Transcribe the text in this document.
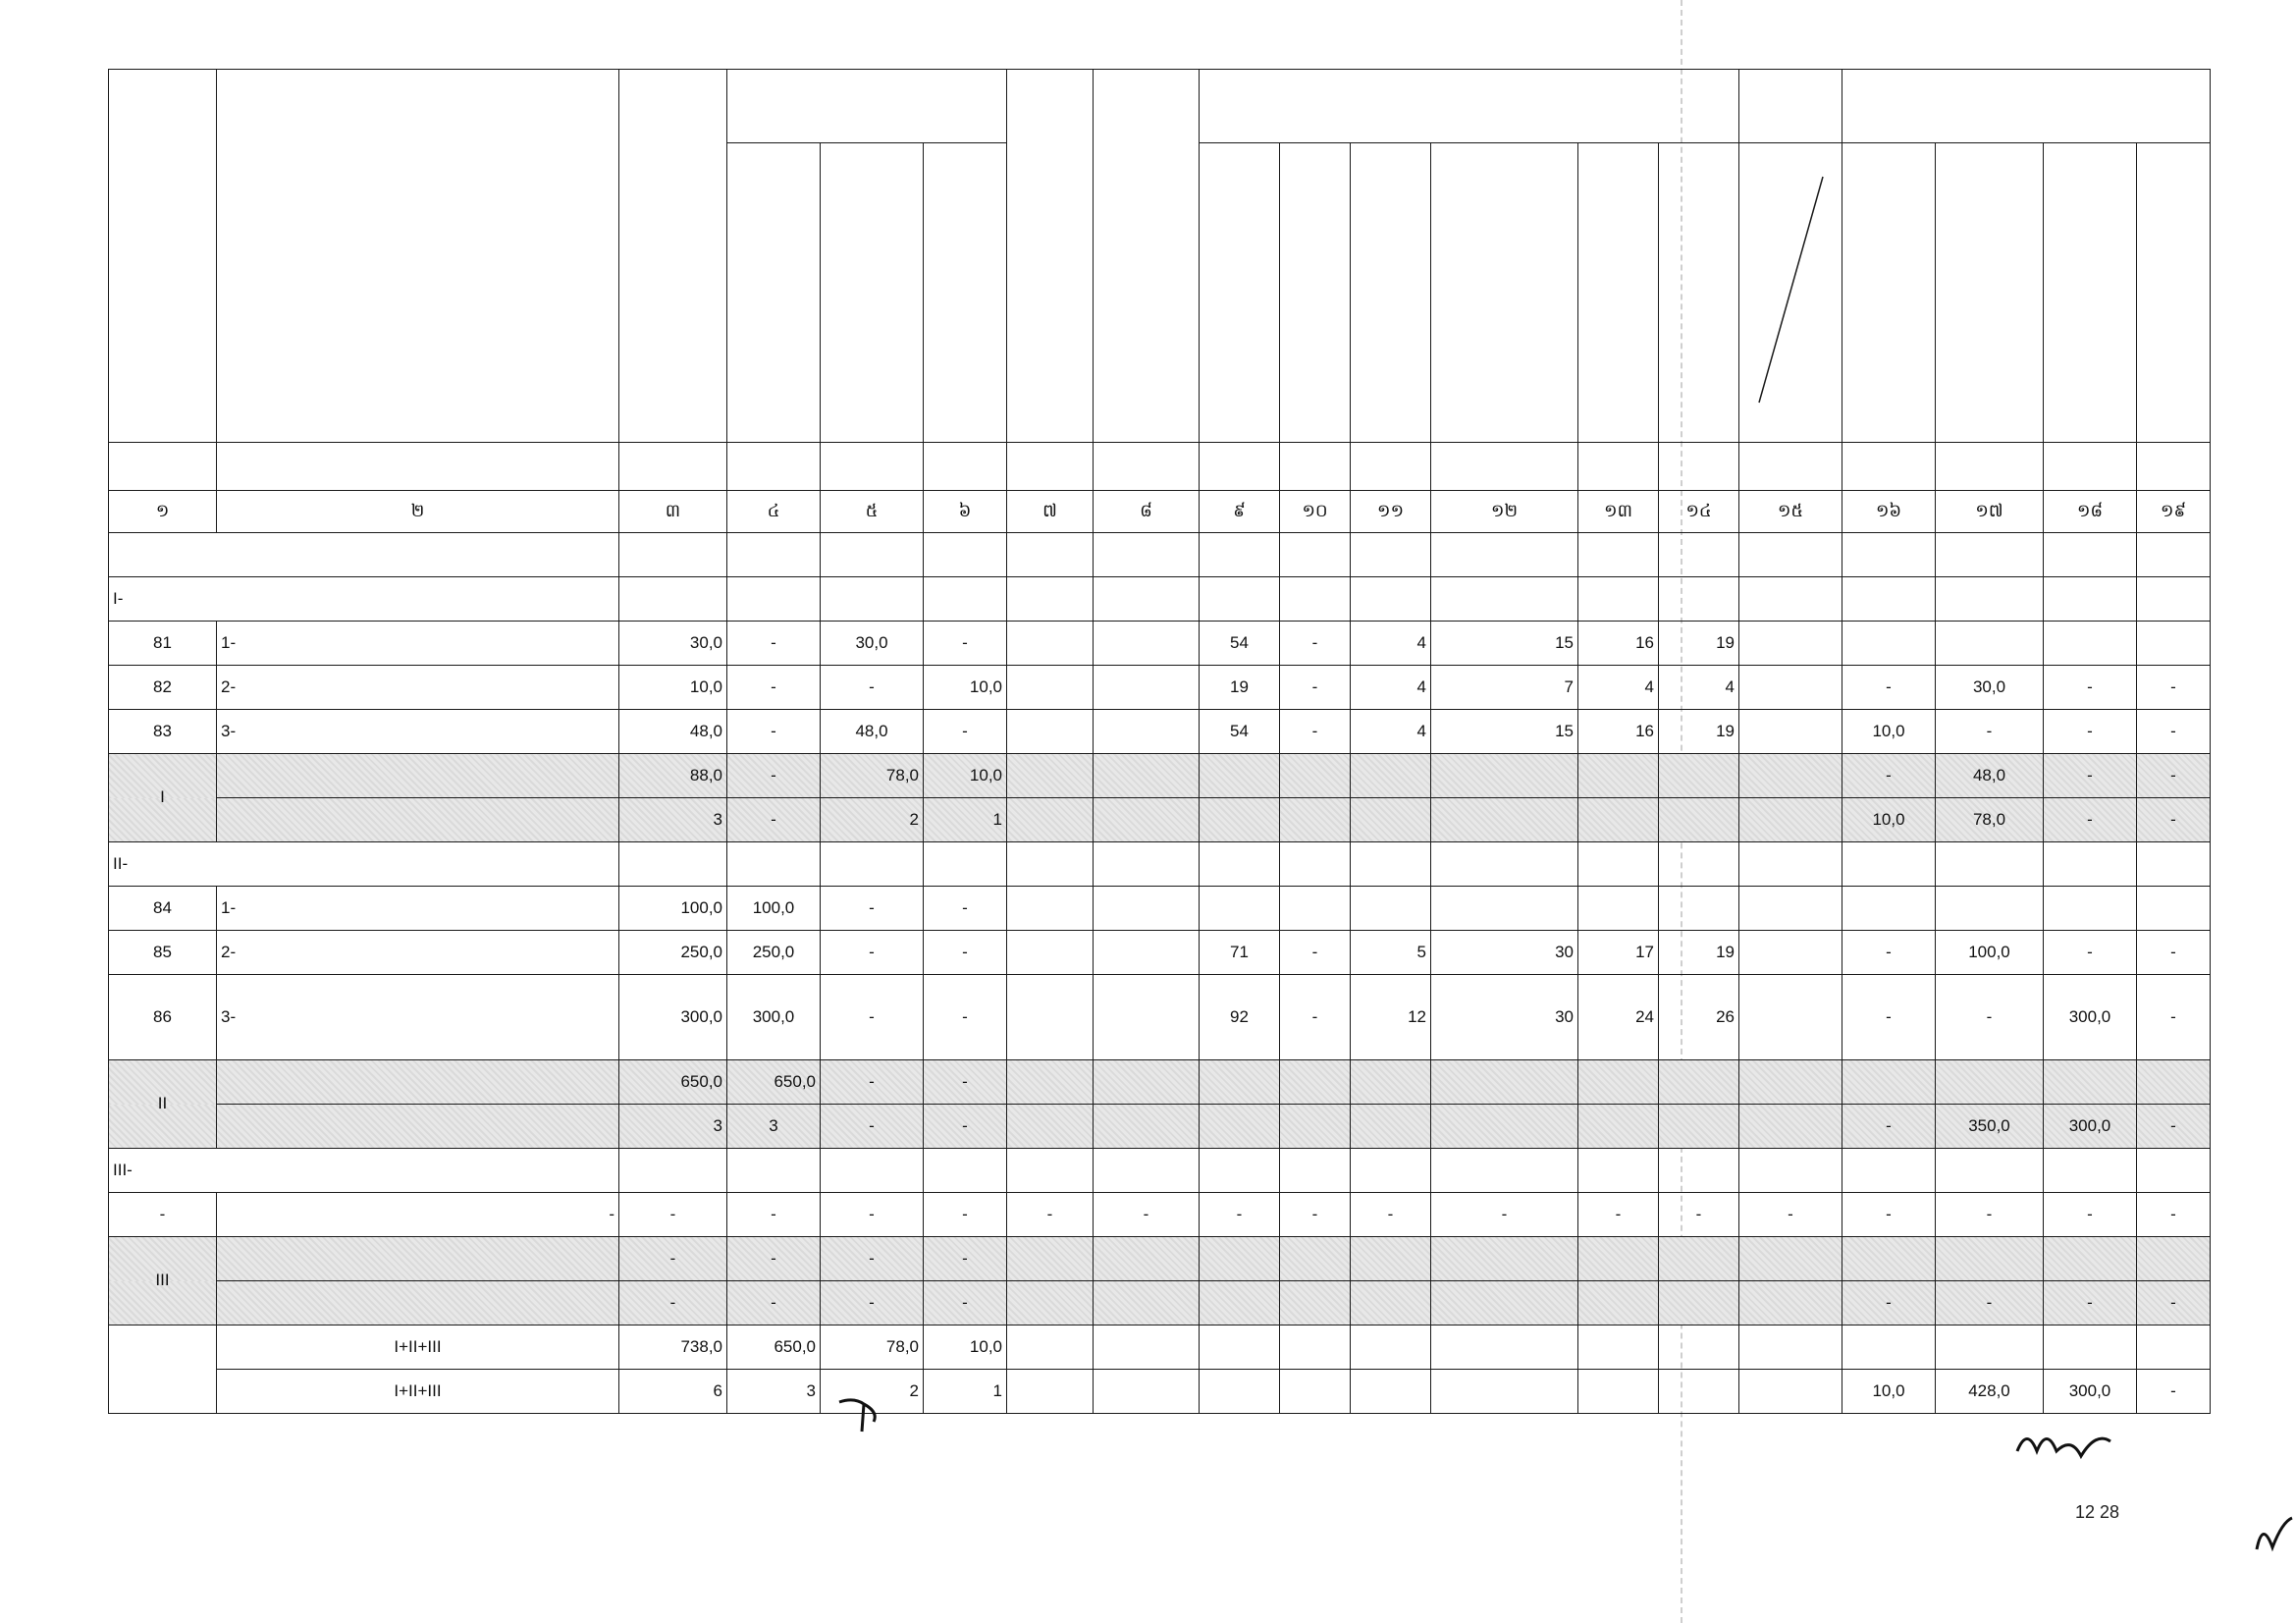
១	២	៣	៤	៥	៦	៧	៨	៩	១០	១១	១២	១៣	១៤	១៥	១៦	១៧	១៨	១៩

I-																		
81	1-	30,0	-	30,0	-			54	-	4	15	16	19					
82	2-	10,0	-	-	10,0			19	-	4	7	4	4		-	30,0	-	-
83	3-	48,0	-	48,0	-			54	-	4	15	16	19		10,0	-	-	-
I		88,0	-	78,0	10,0										-	48,0	-	-
		3	-	2	1										10,0	78,0	-	-
II-																		
84	1-	100,0	100,0	-	-													
85	2-	250,0	250,0	-	-			71	-	5	30	17	19		-	100,0	-	-
86	3-	300,0	300,0	-	-			92	-	12	30	24	26		-	-	300,0	-
II		650,0	650,0	-	-													
		3	3	-	-										-	350,0	300,0	-
III-																		
-	-	-	-	-	-	-	-	-	-	-	-	-	-	-	-	-	-	-
III		-	-	-	-													
		-	-	-	-										-	-	-	-
	I+II+III	738,0	650,0	78,0	10,0													
	I+II+III	6	3	2	1										10,0	428,0	300,0	-
12 28
